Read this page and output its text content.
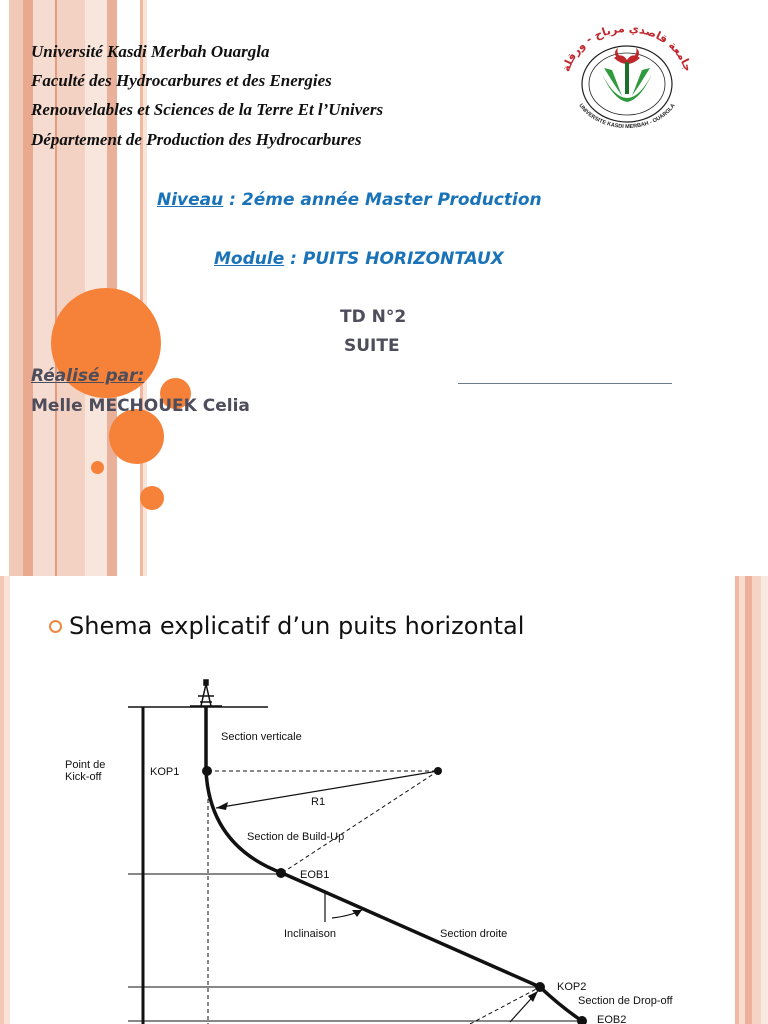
Université Kasdi Merbah Ouargla

Faculté des Hydrocarbures et des Energies

Renouvelables et Sciences de la Terre Et l’Univers

Département de Production des Hydrocarbures

جامعة قاصدي مرباح - ورقلة
UNIVERSITE KASDI MERBAH - OUARGLA
Niveau : 2éme année Master Production
Module : PUITS HORIZONTAUX
TD N°2
SUITE
Réalisé par:
Melle MECHOUEK Celia
Shema explicatif d’un puits horizontal
Section verticale
Point de
Kick-off	KOP1
R1
Section de Build-Up
EOB1
Inclinaison	Section droite
KOP2
Section de Drop-off
EOB2
